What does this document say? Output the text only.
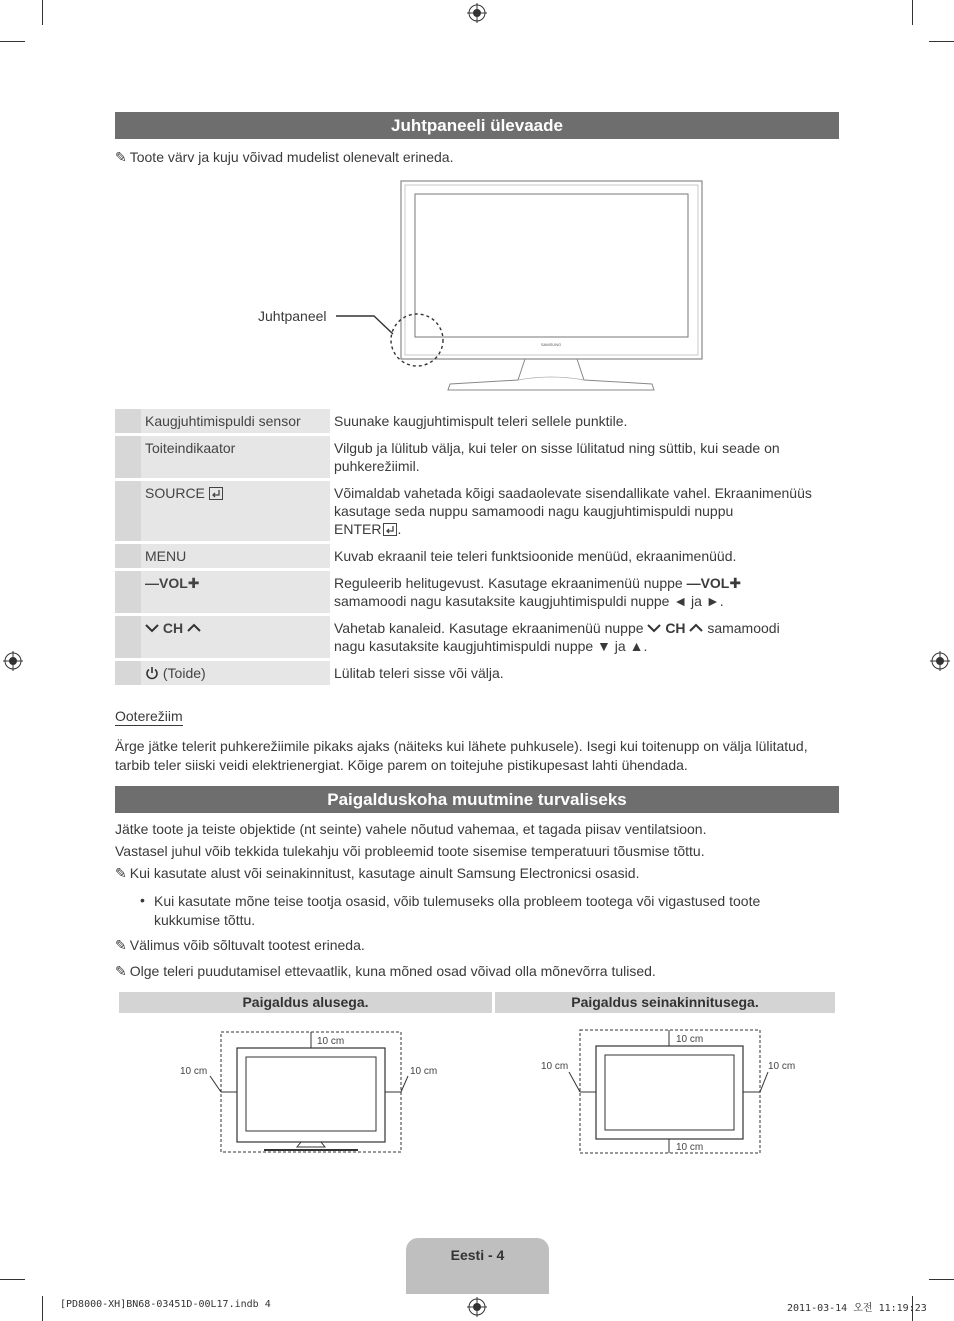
Juhtpaneeli ülevaade
✎ Toote värv ja kuju võivad mudelist olenevalt erineda.
SAMSUNG
Juhtpaneel
	Kaugjuhtimispuldi sensor	Suunake kaugjuhtimispult teleri sellele punktile.
	Toiteindikaator	Vilgub ja lülitub välja, kui teler on sisse lülitatud ning süttib, kui seade on puhkerežiimil.
	SOURCE	Võimaldab vahetada kõigi saadaolevate sisendallikate vahel. Ekraanimenüüs kasutage seda nuppu samamoodi nagu kaugjuhtimispuldi nuppu
ENTER .
	MENU	Kuvab ekraanil teie teleri funktsioonide menüüd, ekraanimenüüd.
	—VOL✚	Reguleerib helitugevust. Kasutage ekraanimenüü nuppe —VOL✚
samamoodi nagu kasutaksite kaugjuhtimispuldi nuppe ◄ ja ►.
	CH	Vahetab kanaleid. Kasutage ekraanimenüü nuppe CH  samamoodi
nagu kasutaksite kaugjuhtimispuldi nuppe ▼ ja ▲.
	(Toide)	Lülitab teleri sisse või välja.
Ooterežiim
Ärge jätke telerit puhkerežiimile pikaks ajaks (näiteks kui lähete puhkusele). Isegi kui toitenupp on välja lülitatud, tarbib teler siiski veidi elektrienergiat. Kõige parem on toitejuhe pistikupesast lahti ühendada.
Paigalduskoha muutmine turvaliseks
Jätke toote ja teiste objektide (nt seinte) vahele nõutud vahemaa, et tagada piisav ventilatsioon.
Vastasel juhul võib tekkida tulekahju või probleemid toote sisemise temperatuuri tõusmise tõttu.
✎ Kui kasutate alust või seinakinnitust, kasutage ainult Samsung Electronicsi osasid.
• Kui kasutate mõne teise tootja osasid, võib tulemuseks olla probleem tootega või vigastused toote kukkumise tõttu.
✎ Välimus võib sõltuvalt tootest erineda.
✎ Olge teleri puudutamisel ettevaatlik, kuna mõned osad võivad olla mõnevõrra tulised.
Paigaldus alusega.	Paigaldus seinakinnitusega.
10 cm
10 cm	10 cm
10 cm
10 cm
10 cm	10 cm
Eesti - 4
[PD8000-XH]BN68-03451D-00L17.indb 4	2011-03-14 오전 11:19:23
